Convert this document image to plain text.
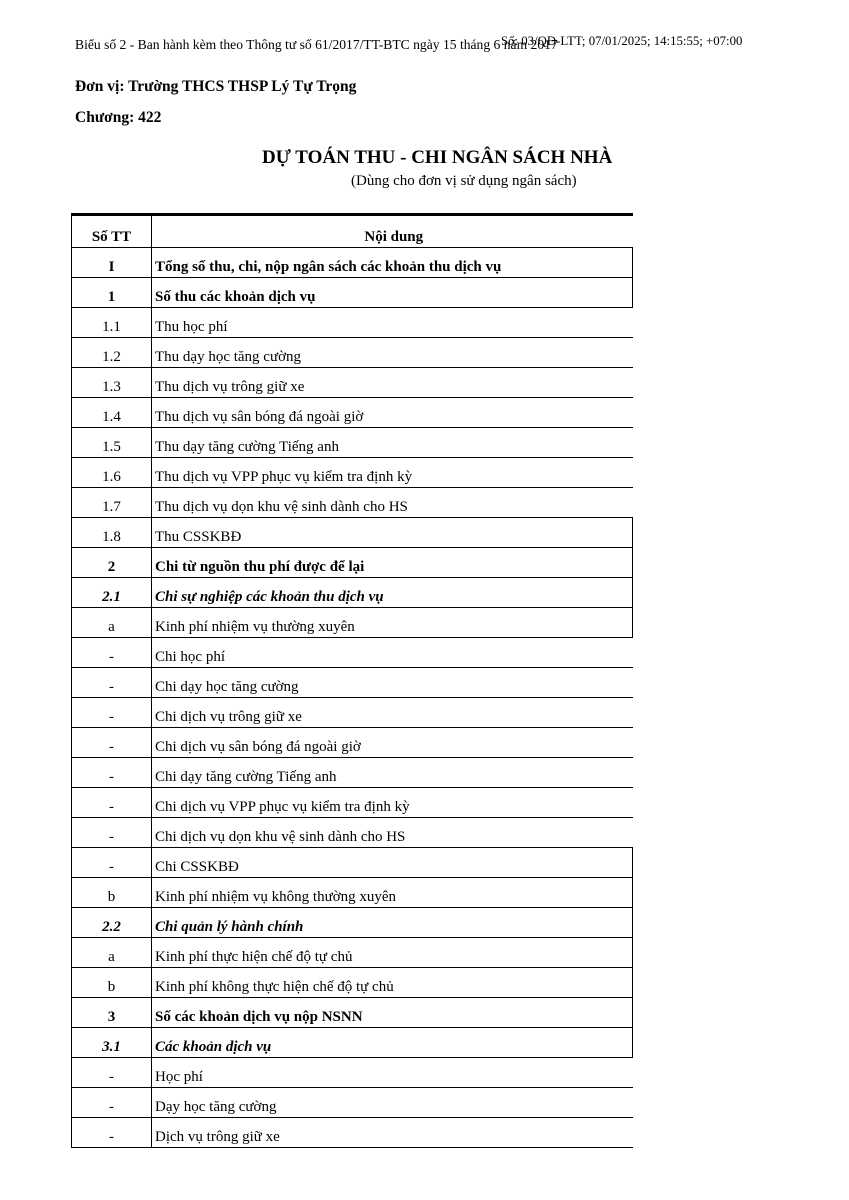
Biểu số 2 - Ban hành kèm theo Thông tư số 61/2017/TT-BTC ngày 15 tháng 6 năm 2017
Số: 03/QĐ-LTT; 07/01/2025; 14:15:55; +07:00
Đơn vị: Trường THCS THSP Lý Tự Trọng
Chương: 422
DỰ TOÁN THU - CHI NGÂN SÁCH NHÀ
(Dùng cho đơn vị sử dụng ngân sách)
Số TT	Nội dung
I	Tổng số thu, chi, nộp ngân sách các khoản thu dịch vụ
1	Số thu các khoản dịch vụ
1.1	Thu học phí
1.2	Thu dạy học tăng cường
1.3	Thu dịch vụ trông giữ xe
1.4	Thu dịch vụ sân bóng đá ngoài giờ
1.5	Thu dạy tăng cường Tiếng anh
1.6	Thu dịch vụ VPP phục vụ kiểm tra định kỳ
1.7	Thu dịch vụ dọn khu vệ sinh dành cho HS
1.8	Thu CSSKBĐ
2	Chi từ nguồn thu phí được để lại
2.1	Chi sự nghiệp các khoản thu dịch vụ
a	Kinh phí nhiệm vụ thường xuyên
-	Chi học phí
-	Chi dạy học tăng cường
-	Chi dịch vụ trông giữ xe
-	Chi dịch vụ sân bóng đá ngoài giờ
-	Chi dạy tăng cường Tiếng anh
-	Chi dịch vụ VPP phục vụ kiểm tra định kỳ
-	Chi dịch vụ dọn khu vệ sinh dành cho HS
-	Chi CSSKBĐ
b	Kinh phí nhiệm vụ không thường xuyên
2.2	Chi quản lý hành chính
a	Kinh phí thực hiện chế độ tự chủ
b	Kinh phí không thực hiện chế độ tự chủ
3	Số các khoản dịch vụ nộp NSNN
3.1	Các khoản dịch vụ
-	Học phí
-	Dạy học tăng cường
-	Dịch vụ trông giữ xe
